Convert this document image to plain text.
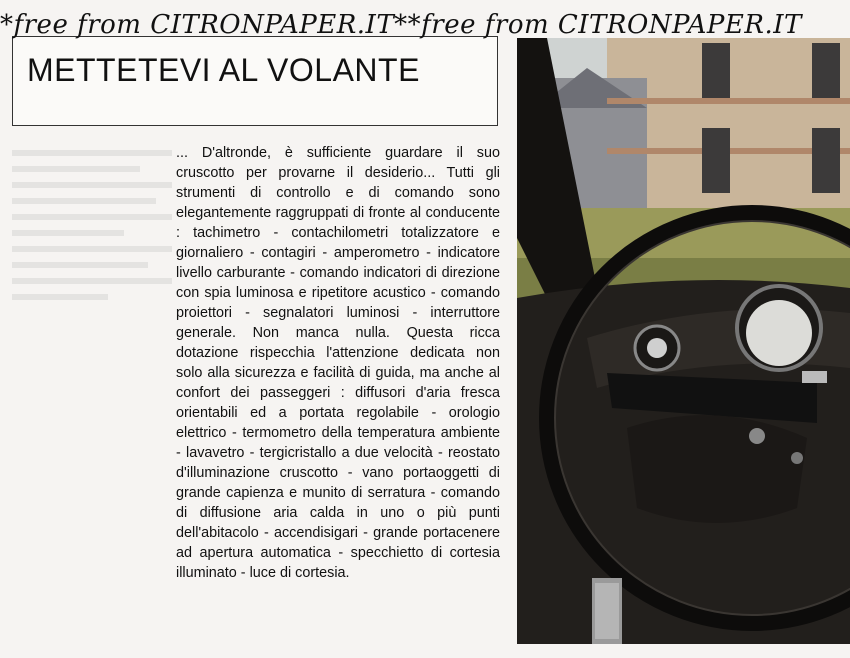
*free from CITRONPAPER.IT**free from CITRONPAPER.IT
METTETEVI AL VOLANTE
... D'altronde, è sufficiente guardare il suo cruscotto per provarne il desiderio... Tutti gli strumenti di controllo e di comando sono elegantemente raggruppati di fronte al conducente : tachimetro - contachilometri totalizzatore e giornaliero - contagiri - amperometro - indicatore livello carburante - comando indicatori di direzione con spia luminosa e ripetitore acustico - comando proiettori - segnalatori luminosi - interruttore generale. Non manca nulla. Questa ricca dotazione rispecchia l'attenzione dedicata non solo alla sicurezza e facilità di guida, ma anche al confort dei passeggeri : diffusori d'aria fresca orientabili ed a portata regolabile - orologio elettrico - termometro della temperatura ambiente - lavavetro - tergicristallo a due velocità - reostato d'illuminazione cruscotto - vano portaoggetti di grande capienza e munito di serratura - comando di diffusione aria calda in uno o più punti dell'abitacolo - accendisigari - grande portacenere ad apertura automatica - specchietto di cortesia illuminato - luce di cortesia.
